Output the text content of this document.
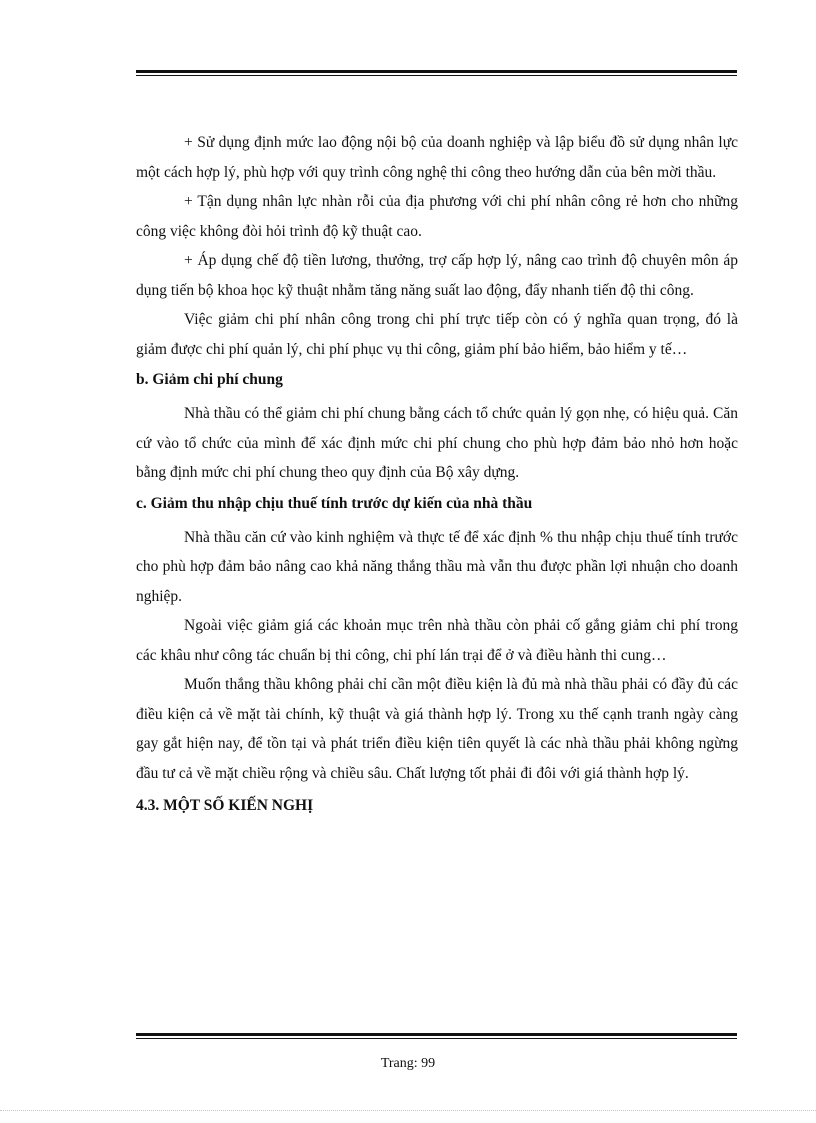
+ Sử dụng định mức lao động nội bộ của doanh nghiệp và lập biểu đồ sử dụng nhân lực một cách hợp lý, phù hợp với quy trình công nghệ thi công theo hướng dẫn của bên mời thầu.

+ Tận dụng nhân lực nhàn rỗi của địa phương với chi phí nhân công rẻ hơn cho những công việc không đòi hỏi trình độ kỹ thuật cao.

+ Áp dụng chế độ tiền lương, thưởng, trợ cấp hợp lý, nâng cao trình độ chuyên môn áp dụng tiến bộ khoa học kỹ thuật nhằm tăng năng suất lao động, đẩy nhanh tiến độ thi công.

Việc giảm chi phí nhân công trong chi phí trực tiếp còn có ý nghĩa quan trọng, đó là giảm được chi phí quản lý, chi phí phục vụ thi công, giảm phí bảo hiểm, bảo hiểm y tế…

b. Giảm chi phí chung

Nhà thầu có thể giảm chi phí chung bằng cách tổ chức quản lý gọn nhẹ, có hiệu quả. Căn cứ vào tổ chức của mình để xác định mức chi phí chung cho phù hợp đảm bảo nhỏ hơn hoặc bằng định mức chi phí chung theo quy định của Bộ xây dựng.

c. Giảm thu nhập chịu thuế tính trước dự kiến của nhà thầu

Nhà thầu căn cứ vào kinh nghiệm và thực tế để xác định % thu nhập chịu thuế tính trước cho phù hợp đảm bảo nâng cao khả năng thắng thầu mà vẫn thu được phần lợi nhuận cho doanh nghiệp.

Ngoài việc giảm giá các khoản mục trên nhà thầu còn phải cố gắng giảm chi phí trong các khâu như công tác chuẩn bị thi công, chi phí lán trại để ở và điều hành thi cung…

Muốn thắng thầu không phải chỉ cần một điều kiện là đủ mà nhà thầu phải có đầy đủ các điều kiện cả về mặt tài chính, kỹ thuật và giá thành hợp lý. Trong xu thế cạnh tranh ngày càng gay gắt hiện nay, để tồn tại và phát triển điều kiện tiên quyết là các nhà thầu phải không ngừng đầu tư cả về mặt chiều rộng và chiều sâu. Chất lượng tốt phải đi đôi với giá thành hợp lý.

4.3. MỘT SỐ KIẾN NGHỊ

Trang: 99
